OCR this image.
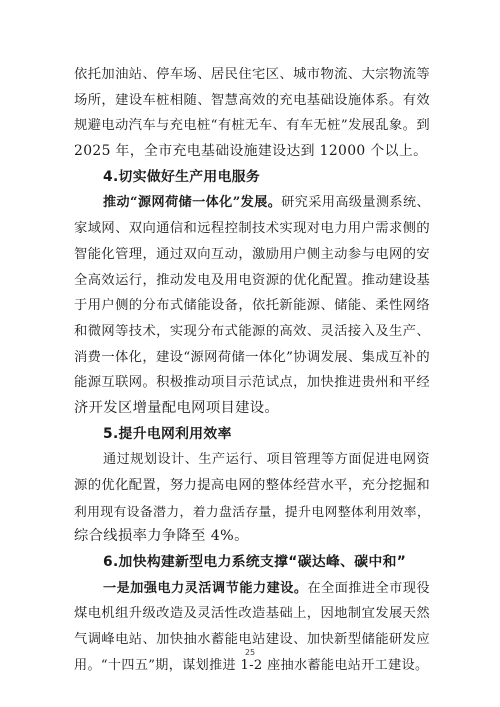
依托加油站、停车场、居民住宅区、城市物流、大宗物流等
场所，建设车桩相随、智慧高效的充电基础设施体系。有效
规避电动汽车与充电桩“有桩无车、有车无桩”发展乱象。到
2025 年，全市充电基础设施建设达到 12000 个以上。
4.切实做好生产用电服务
推动“源网荷储一体化”发展。研究采用高级量测系统、
家域网、双向通信和远程控制技术实现对电力用户需求侧的
智能化管理，通过双向互动，激励用户侧主动参与电网的安
全高效运行，推动发电及用电资源的优化配置。推动建设基
于用户侧的分布式储能设备，依托新能源、储能、柔性网络
和微网等技术，实现分布式能源的高效、灵活接入及生产、
消费一体化，建设“源网荷储一体化”协调发展、集成互补的
能源互联网。积极推动项目示范试点，加快推进贵州和平经
济开发区增量配电网项目建设。
5.提升电网利用效率
通过规划设计、生产运行、项目管理等方面促进电网资
源的优化配置，努力提高电网的整体经营水平，充分挖掘和
利用现有设备潜力，着力盘活存量，提升电网整体利用效率，
综合线损率力争降至 4%。
6.加快构建新型电力系统支撑“碳达峰、碳中和”
一是加强电力灵活调节能力建设。在全面推进全市现役
煤电机组升级改造及灵活性改造基础上，因地制宜发展天然
气调峰电站、加快抽水蓄能电站建设、加快新型储能研发应
用。“十四五”期，谋划推进 1-2 座抽水蓄能电站开工建设。
25
